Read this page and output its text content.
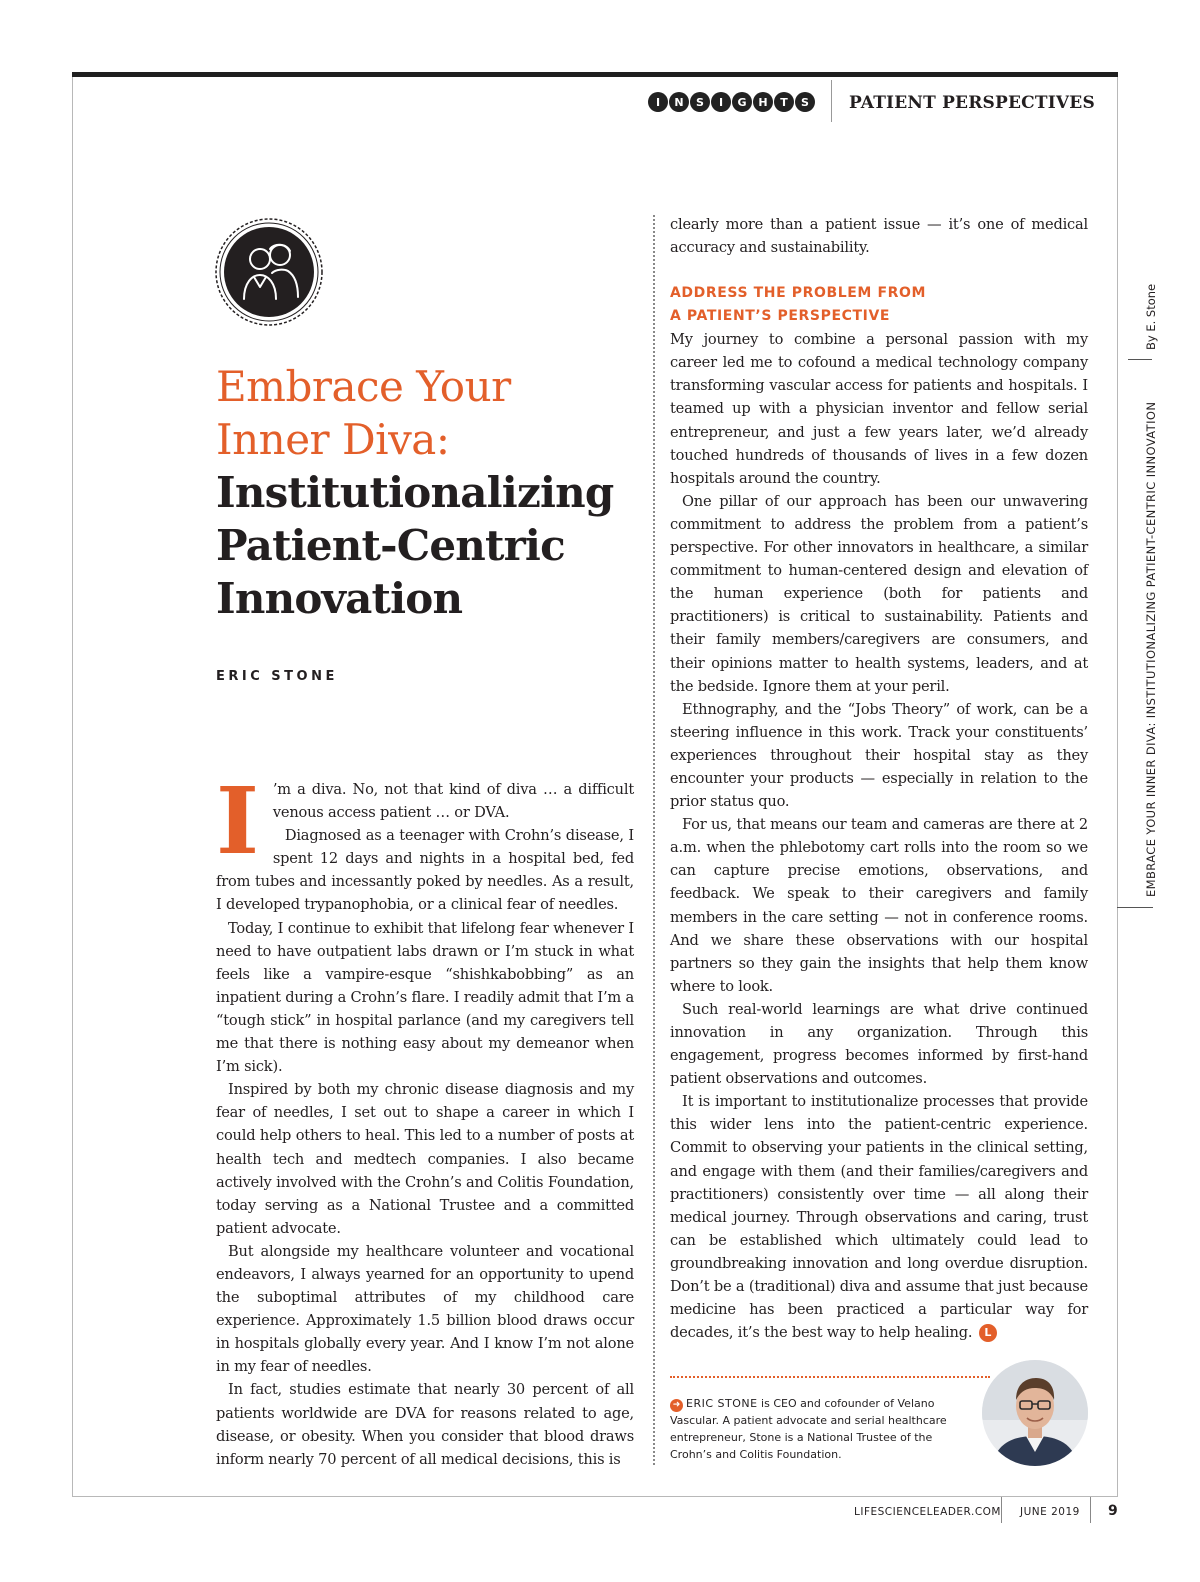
I	N	S	I	G	H	T	S	PATIENT PERSPECTIVES
Embrace Your
Inner Diva:
Institutionalizing
Patient-Centric
Innovation
ERIC STONE
I ’m a diva. No, not that kind of diva … a difficult venous access patient … or DVA.

Diagnosed as a teenager with Crohn’s disease, I spent 12 days and nights in a hospital bed, fed from tubes and incessantly poked by needles. As a result, I developed trypanophobia, or a clinical fear of needles.

Today, I continue to exhibit that lifelong fear whenever I need to have outpatient labs drawn or I’m stuck in what feels like a vampire-esque “shishkabobbing” as an inpatient during a Crohn’s flare. I readily admit that I’m a “tough stick” in hospital parlance (and my caregivers tell me that there is nothing easy about my demeanor when I’m sick).

Inspired by both my chronic disease diagnosis and my fear of needles, I set out to shape a career in which I could help others to heal. This led to a number of posts at health tech and medtech companies. I also became actively involved with the Crohn’s and Colitis Foundation, today serving as a National Trustee and a committed patient advocate.

But alongside my healthcare volunteer and vocational endeavors, I always yearned for an opportunity to upend the suboptimal attributes of my childhood care experience. Approximately 1.5 billion blood draws occur in hospitals globally every year. And I know I’m not alone in my fear of needles.

In fact, studies estimate that nearly 30 percent of all patients worldwide are DVA for reasons related to age, disease, or obesity. When you consider that blood draws inform nearly 70 percent of all medical decisions, this is

clearly more than a patient issue — it’s one of medical accuracy and sustainability.

ADDRESS THE PROBLEM FROM
A PATIENT’S PERSPECTIVE

My journey to combine a personal passion with my career led me to cofound a medical technology company transforming vascular access for patients and hospitals. I teamed up with a physician inventor and fellow serial entrepreneur, and just a few years later, we’d already touched hundreds of thousands of lives in a few dozen hospitals around the country.

One pillar of our approach has been our unwavering commitment to address the problem from a patient’s perspective. For other innovators in healthcare, a similar commitment to human-centered design and elevation of the human experience (both for patients and practitioners) is critical to sustainability. Patients and their family members/caregivers are consumers, and their opinions matter to health systems, leaders, and at the bedside. Ignore them at your peril.

Ethnography, and the “Jobs Theory” of work, can be a steering influence in this work. Track your constituents’ experiences throughout their hospital stay as they encounter your products — especially in relation to the prior status quo.

For us, that means our team and cameras are there at 2 a.m. when the phlebotomy cart rolls into the room so we can capture precise emotions, observations, and feedback. We speak to their caregivers and family members in the care setting — not in conference rooms. And we share these observations with our hospital partners so they gain the insights that help them know where to look.

Such real-world learnings are what drive continued innovation in any organization. Through this engagement, progress becomes informed by first-hand patient observations and outcomes.

It is important to institutionalize processes that provide this wider lens into the patient-centric experience. Commit to observing your patients in the clinical setting, and engage with them (and their families/caregivers and practitioners) consistently over time — all along their medical journey. Through observations and caring, trust can be established which ultimately could lead to groundbreaking innovation and long overdue disruption. Don’t be a (traditional) diva and assume that just because medicine has been practiced a particular way for decades, it’s the best way to help healing. L

➜ ERIC STONE is CEO and cofounder of Velano Vascular. A patient advocate and serial healthcare entrepreneur, Stone is a National Trustee of the Crohn’s and Colitis Foundation.
By E. Stone
EMBRACE YOUR INNER DIVA: INSTITUTIONALIZING PATIENT-CENTRIC INNOVATION
LIFESCIENCELEADER.COM JUNE 2019 9
